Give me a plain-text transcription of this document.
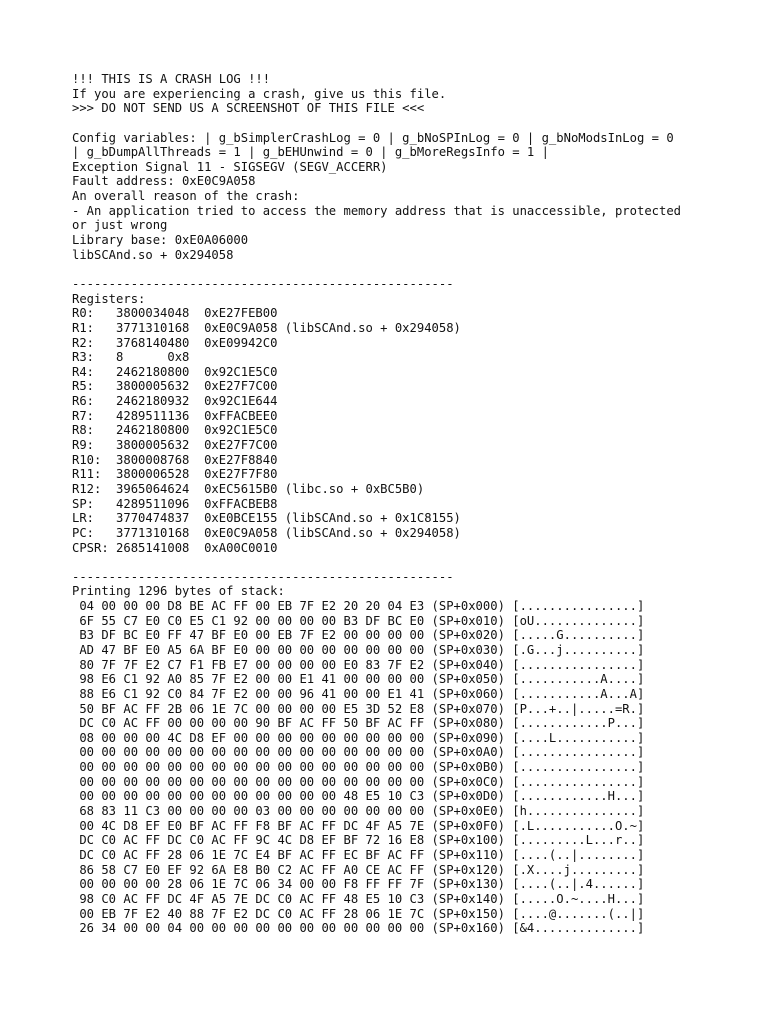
!!! THIS IS A CRASH LOG !!!
If you are experiencing a crash, give us this file.
>>> DO NOT SEND US A SCREENSHOT OF THIS FILE <<<
Config variables: | g_bSimplerCrashLog = 0 | g_bNoSPInLog = 0 | g_bNoModsInLog = 0
| g_bDumpAllThreads = 1 | g_bEHUnwind = 0 | g_bMoreRegsInfo = 1 |
Exception Signal 11 - SIGSEGV (SEGV_ACCERR)
Fault address: 0xE0C9A058
An overall reason of the crash:
- An application tried to access the memory address that is unaccessible, protected
or just wrong
Library base: 0xE0A06000
libSCAnd.so + 0x294058
----------------------------------------------------
Registers:
R0:   3800034048  0xE27FEB00
R1:   3771310168  0xE0C9A058 (libSCAnd.so + 0x294058)
R2:   3768140480  0xE09942C0
R3:   8      0x8
R4:   2462180800  0x92C1E5C0
R5:   3800005632  0xE27F7C00
R6:   2462180932  0x92C1E644
R7:   4289511136  0xFFACBEE0
R8:   2462180800  0x92C1E5C0
R9:   3800005632  0xE27F7C00
R10:  3800008768  0xE27F8840
R11:  3800006528  0xE27F7F80
R12:  3965064624  0xEC5615B0 (libc.so + 0xBC5B0)
SP:   4289511096  0xFFACBEB8
LR:   3770474837  0xE0BCE155 (libSCAnd.so + 0x1C8155)
PC:   3771310168  0xE0C9A058 (libSCAnd.so + 0x294058)
CPSR: 2685141008  0xA00C0010
----------------------------------------------------
Printing 1296 bytes of stack:
04 00 00 00 D8 BE AC FF 00 EB 7F E2 20 20 04 E3 (SP+0x000) [................]
6F 55 C7 E0 C0 E5 C1 92 00 00 00 00 B3 DF BC E0 (SP+0x010) [oU..............]
B3 DF BC E0 FF 47 BF E0 00 EB 7F E2 00 00 00 00 (SP+0x020) [.....G..........]
AD 47 BF E0 A5 6A BF E0 00 00 00 00 00 00 00 00 (SP+0x030) [.G...j..........]
80 7F 7F E2 C7 F1 FB E7 00 00 00 00 E0 83 7F E2 (SP+0x040) [................]
98 E6 C1 92 A0 85 7F E2 00 00 E1 41 00 00 00 00 (SP+0x050) [...........A....]
88 E6 C1 92 C0 84 7F E2 00 00 96 41 00 00 E1 41 (SP+0x060) [...........A...A]
50 BF AC FF 2B 06 1E 7C 00 00 00 00 E5 3D 52 E8 (SP+0x070) [P...+..|.....=R.]
DC C0 AC FF 00 00 00 00 90 BF AC FF 50 BF AC FF (SP+0x080) [............P...]
08 00 00 00 4C D8 EF 00 00 00 00 00 00 00 00 00 (SP+0x090) [....L...........]
00 00 00 00 00 00 00 00 00 00 00 00 00 00 00 00 (SP+0x0A0) [................]
00 00 00 00 00 00 00 00 00 00 00 00 00 00 00 00 (SP+0x0B0) [................]
00 00 00 00 00 00 00 00 00 00 00 00 00 00 00 00 (SP+0x0C0) [................]
00 00 00 00 00 00 00 00 00 00 00 00 48 E5 10 C3 (SP+0x0D0) [............H...]
68 83 11 C3 00 00 00 00 03 00 00 00 00 00 00 00 (SP+0x0E0) [h...............]
00 4C D8 EF E0 BF AC FF F8 BF AC FF DC 4F A5 7E (SP+0x0F0) [.L...........O.~]
DC C0 AC FF DC C0 AC FF 9C 4C D8 EF BF 72 16 E8 (SP+0x100) [.........L...r..]
DC C0 AC FF 28 06 1E 7C E4 BF AC FF EC BF AC FF (SP+0x110) [....(..|........]
86 58 C7 E0 EF 92 6A E8 B0 C2 AC FF A0 CE AC FF (SP+0x120) [.X....j.........]
00 00 00 00 28 06 1E 7C 06 34 00 00 F8 FF FF 7F (SP+0x130) [....(..|.4......]
98 C0 AC FF DC 4F A5 7E DC C0 AC FF 48 E5 10 C3 (SP+0x140) [.....O.~....H...]
00 EB 7F E2 40 88 7F E2 DC C0 AC FF 28 06 1E 7C (SP+0x150) [....@.......(..|]
26 34 00 00 04 00 00 00 00 00 00 00 00 00 00 00 (SP+0x160) [&4..............]
